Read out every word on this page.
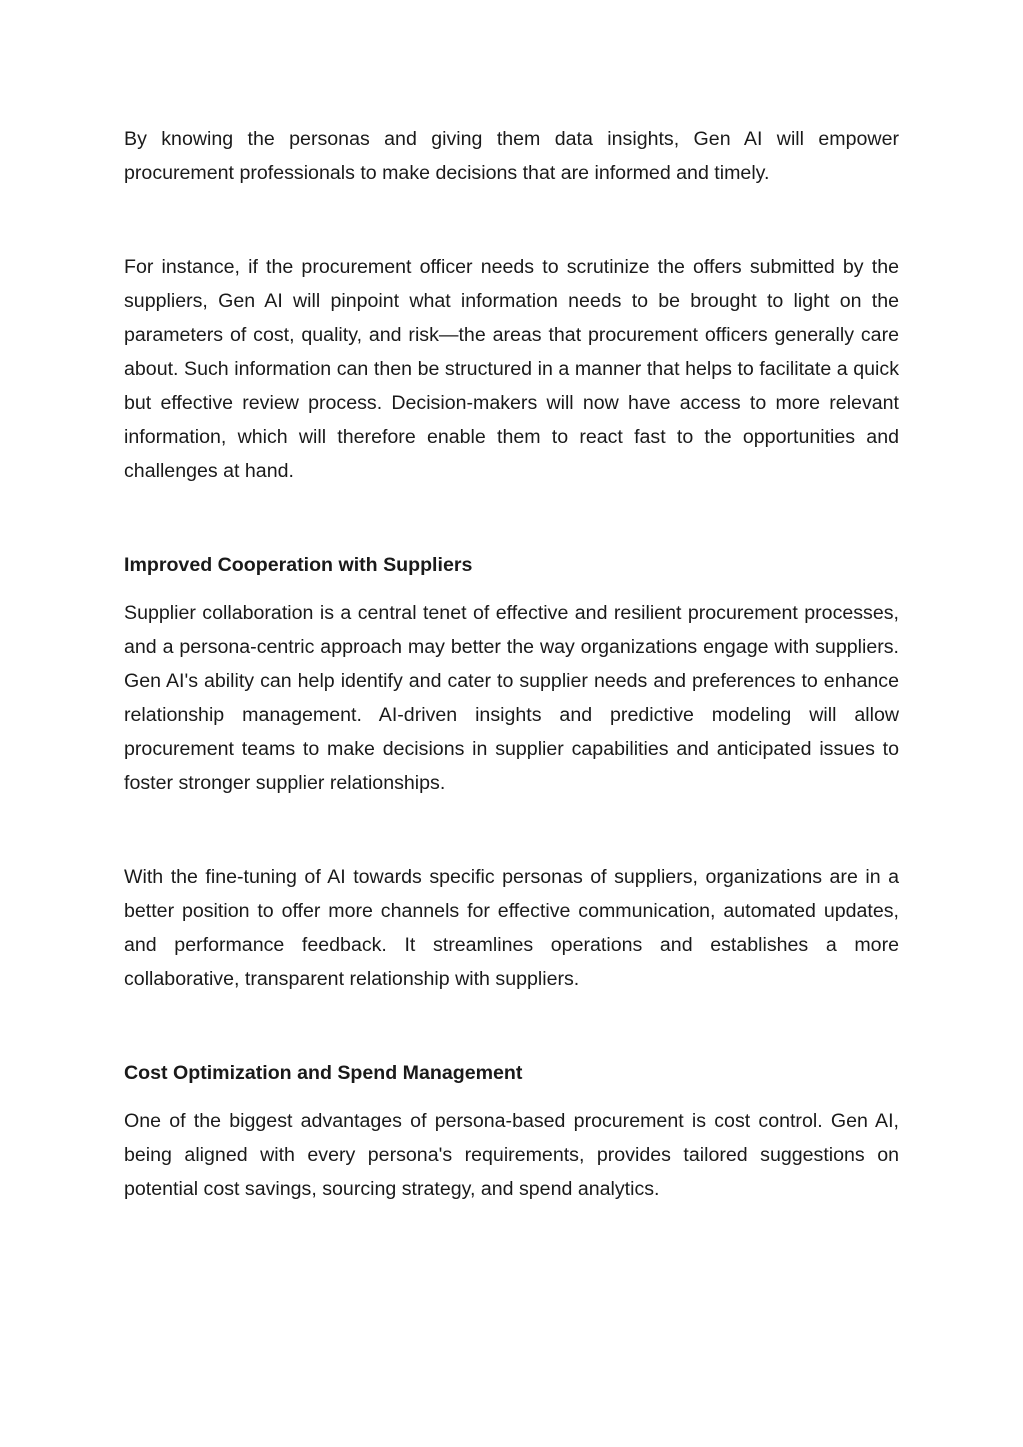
By knowing the personas and giving them data insights, Gen AI will empower procurement professionals to make decisions that are informed and timely.

For instance, if the procurement officer needs to scrutinize the offers submitted by the suppliers, Gen AI will pinpoint what information needs to be brought to light on the parameters of cost, quality, and risk—the areas that procurement officers generally care about. Such information can then be structured in a manner that helps to facilitate a quick but effective review process. Decision-makers will now have access to more relevant information, which will therefore enable them to react fast to the opportunities and challenges at hand.

Improved Cooperation with Suppliers

Supplier collaboration is a central tenet of effective and resilient procurement processes, and a persona-centric approach may better the way organizations engage with suppliers. Gen AI's ability can help identify and cater to supplier needs and preferences to enhance relationship management. AI-driven insights and predictive modeling will allow procurement teams to make decisions in supplier capabilities and anticipated issues to foster stronger supplier relationships.

With the fine-tuning of AI towards specific personas of suppliers, organizations are in a better position to offer more channels for effective communication, automated updates, and performance feedback. It streamlines operations and establishes a more collaborative, transparent relationship with suppliers.

Cost Optimization and Spend Management

One of the biggest advantages of persona-based procurement is cost control. Gen AI, being aligned with every persona's requirements, provides tailored suggestions on potential cost savings, sourcing strategy, and spend analytics.
